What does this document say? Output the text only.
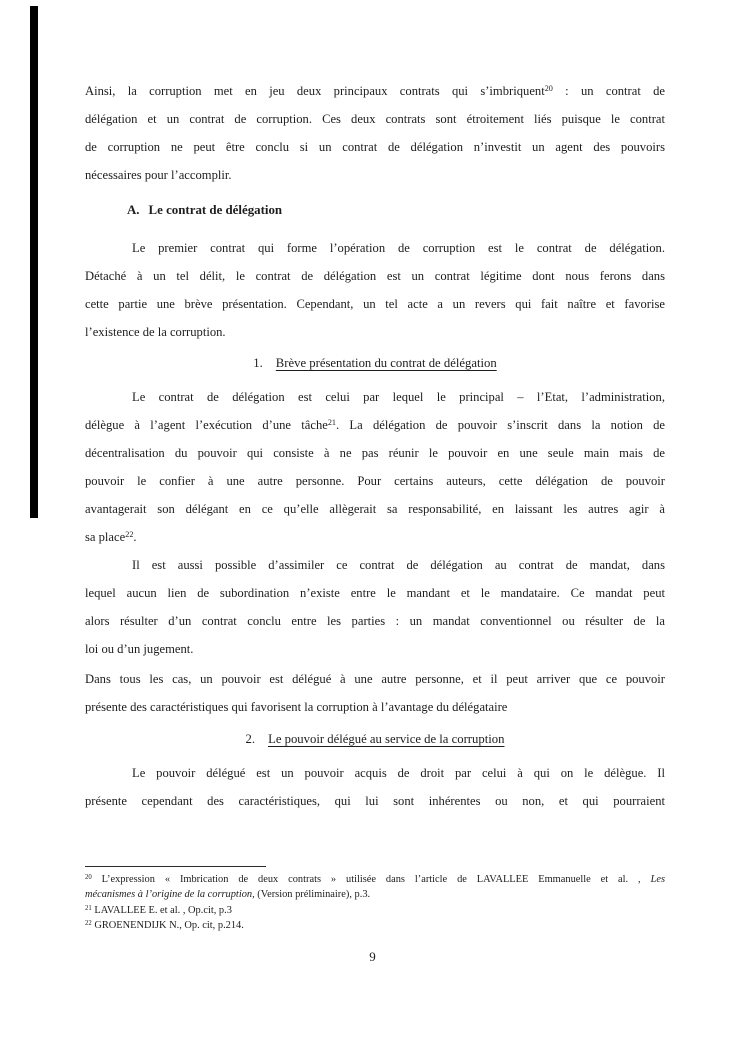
Ainsi, la corruption met en jeu deux principaux contrats qui s’imbriquent$^{20}$ : un contrat de
délégation et un contrat de corruption. Ces deux contrats sont étroitement liés puisque le contrat
de corruption ne peut être conclu si un contrat de délégation n’investit un agent des pouvoirs
nécessaires pour l’accomplir.
A. Le contrat de délégation
Le premier contrat qui forme l’opération de corruption est le contrat de délégation.
Détaché à un tel délit, le contrat de délégation est un contrat légitime dont nous ferons dans
cette partie une brève présentation. Cependant, un tel acte a un revers qui fait naître et favorise
l’existence de la corruption.
1. Brève présentation du contrat de délégation
Le contrat de délégation est celui par lequel le principal – l’Etat, l’administration,
délègue à l’agent l’exécution d’une tâche$^{21}$. La délégation de pouvoir s’inscrit dans la notion de
décentralisation du pouvoir qui consiste à ne pas réunir le pouvoir en une seule main mais de
pouvoir le confier à une autre personne. Pour certains auteurs, cette délégation de pouvoir
avantagerait son délégant en ce qu’elle allègerait sa responsabilité, en laissant les autres agir à
sa place$^{22}$.
Il est aussi possible d’assimiler ce contrat de délégation au contrat de mandat, dans
lequel aucun lien de subordination n’existe entre le mandant et le mandataire. Ce mandat peut
alors résulter d’un contrat conclu entre les parties : un mandat conventionnel ou résulter de la
loi ou d’un jugement.
Dans tous les cas, un pouvoir est délégué à une autre personne, et il peut arriver que ce pouvoir
présente des caractéristiques qui favorisent la corruption à l’avantage du délégataire
2. Le pouvoir délégué au service de la corruption
Le pouvoir délégué est un pouvoir acquis de droit par celui à qui on le délègue. Il
présente cependant des caractéristiques, qui lui sont inhérentes ou non, et qui pourraient
$^{20}$ L’expression « Imbrication de deux contrats » utilisée dans l’article de LAVALLEE Emmanuelle et al. , Les
mécanismes à l’origine de la corruption, (Version préliminaire), p.3.
$^{21}$ LAVALLEE E. et al. , Op.cit, p.3
$^{22}$ GROENENDIJK N., Op. cit, p.214.
9
